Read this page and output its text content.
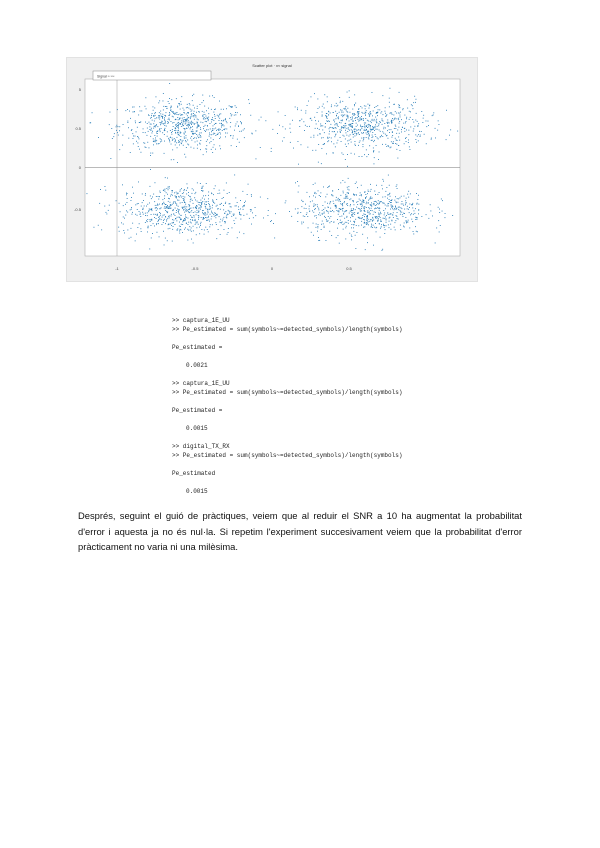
Scatter plot · x≈ signal
Signal ≈ ≈≈
5
0.5
0
-0.5
-1	-0.5	0	0.5
>> captura_1E_UU
>> Pe_estimated = sum(symbols~=detected_symbols)/length(symbols)
Pe_estimated =
0.0021
>> captura_1E_UU
>> Pe_estimated = sum(symbols~=detected_symbols)/length(symbols)
Pe_estimated =
0.0015
>> digital_TX_RX
>> Pe_estimated = sum(symbols~=detected_symbols)/length(symbols)
Pe_estimated
0.0015
Després, seguint el guió de pràctiques, veiem que al reduir el SNR a 10 ha augmentat la probabilitat d'error i aquesta ja no és nul·la. Si repetim l'experiment succesivament veiem que la probabilitat d'error pràcticament no varia ni una milèsima.
